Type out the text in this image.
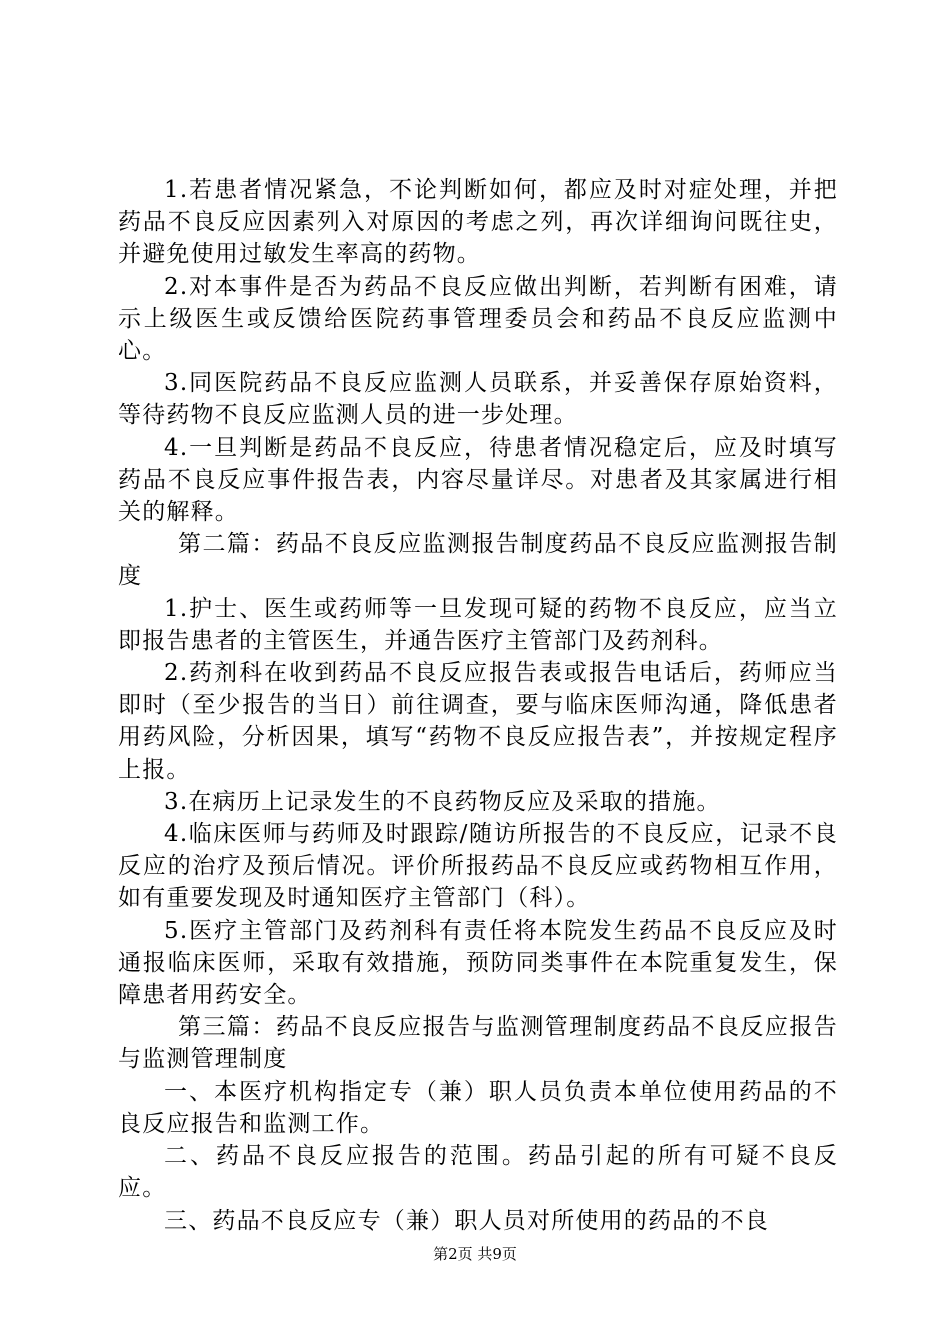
1.若患者情况紧急，不论判断如何，都应及时对症处理，并把药品不良反应因素列入对原因的考虑之列，再次详细询问既往史，并避免使用过敏发生率高的药物。

2.对本事件是否为药品不良反应做出判断，若判断有困难，请示上级医生或反馈给医院药事管理委员会和药品不良反应监测中心。

3.同医院药品不良反应监测人员联系，并妥善保存原始资料，等待药物不良反应监测人员的进一步处理。

4.一旦判断是药品不良反应，待患者情况稳定后，应及时填写药品不良反应事件报告表，内容尽量详尽。对患者及其家属进行相关的解释。

第二篇：药品不良反应监测报告制度药品不良反应监测报告制度

1.护士、医生或药师等一旦发现可疑的药物不良反应，应当立即报告患者的主管医生，并通告医疗主管部门及药剂科。

2.药剂科在收到药品不良反应报告表或报告电话后，药师应当即时（至少报告的当日）前往调查，要与临床医师沟通，降低患者用药风险，分析因果，填写“药物不良反应报告表”，并按规定程序上报。

3.在病历上记录发生的不良药物反应及采取的措施。

4.临床医师与药师及时跟踪/随访所报告的不良反应，记录不良反应的治疗及预后情况。评价所报药品不良反应或药物相互作用，如有重要发现及时通知医疗主管部门（科）。

5.医疗主管部门及药剂科有责任将本院发生药品不良反应及时通报临床医师，采取有效措施，预防同类事件在本院重复发生，保障患者用药安全。

第三篇：药品不良反应报告与监测管理制度药品不良反应报告与监测管理制度

一、本医疗机构指定专（兼）职人员负责本单位使用药品的不良反应报告和监测工作。

二、药品不良反应报告的范围。药品引起的所有可疑不良反应。

三、药品不良反应专（兼）职人员对所使用的药品的不良

第2页 共9页
